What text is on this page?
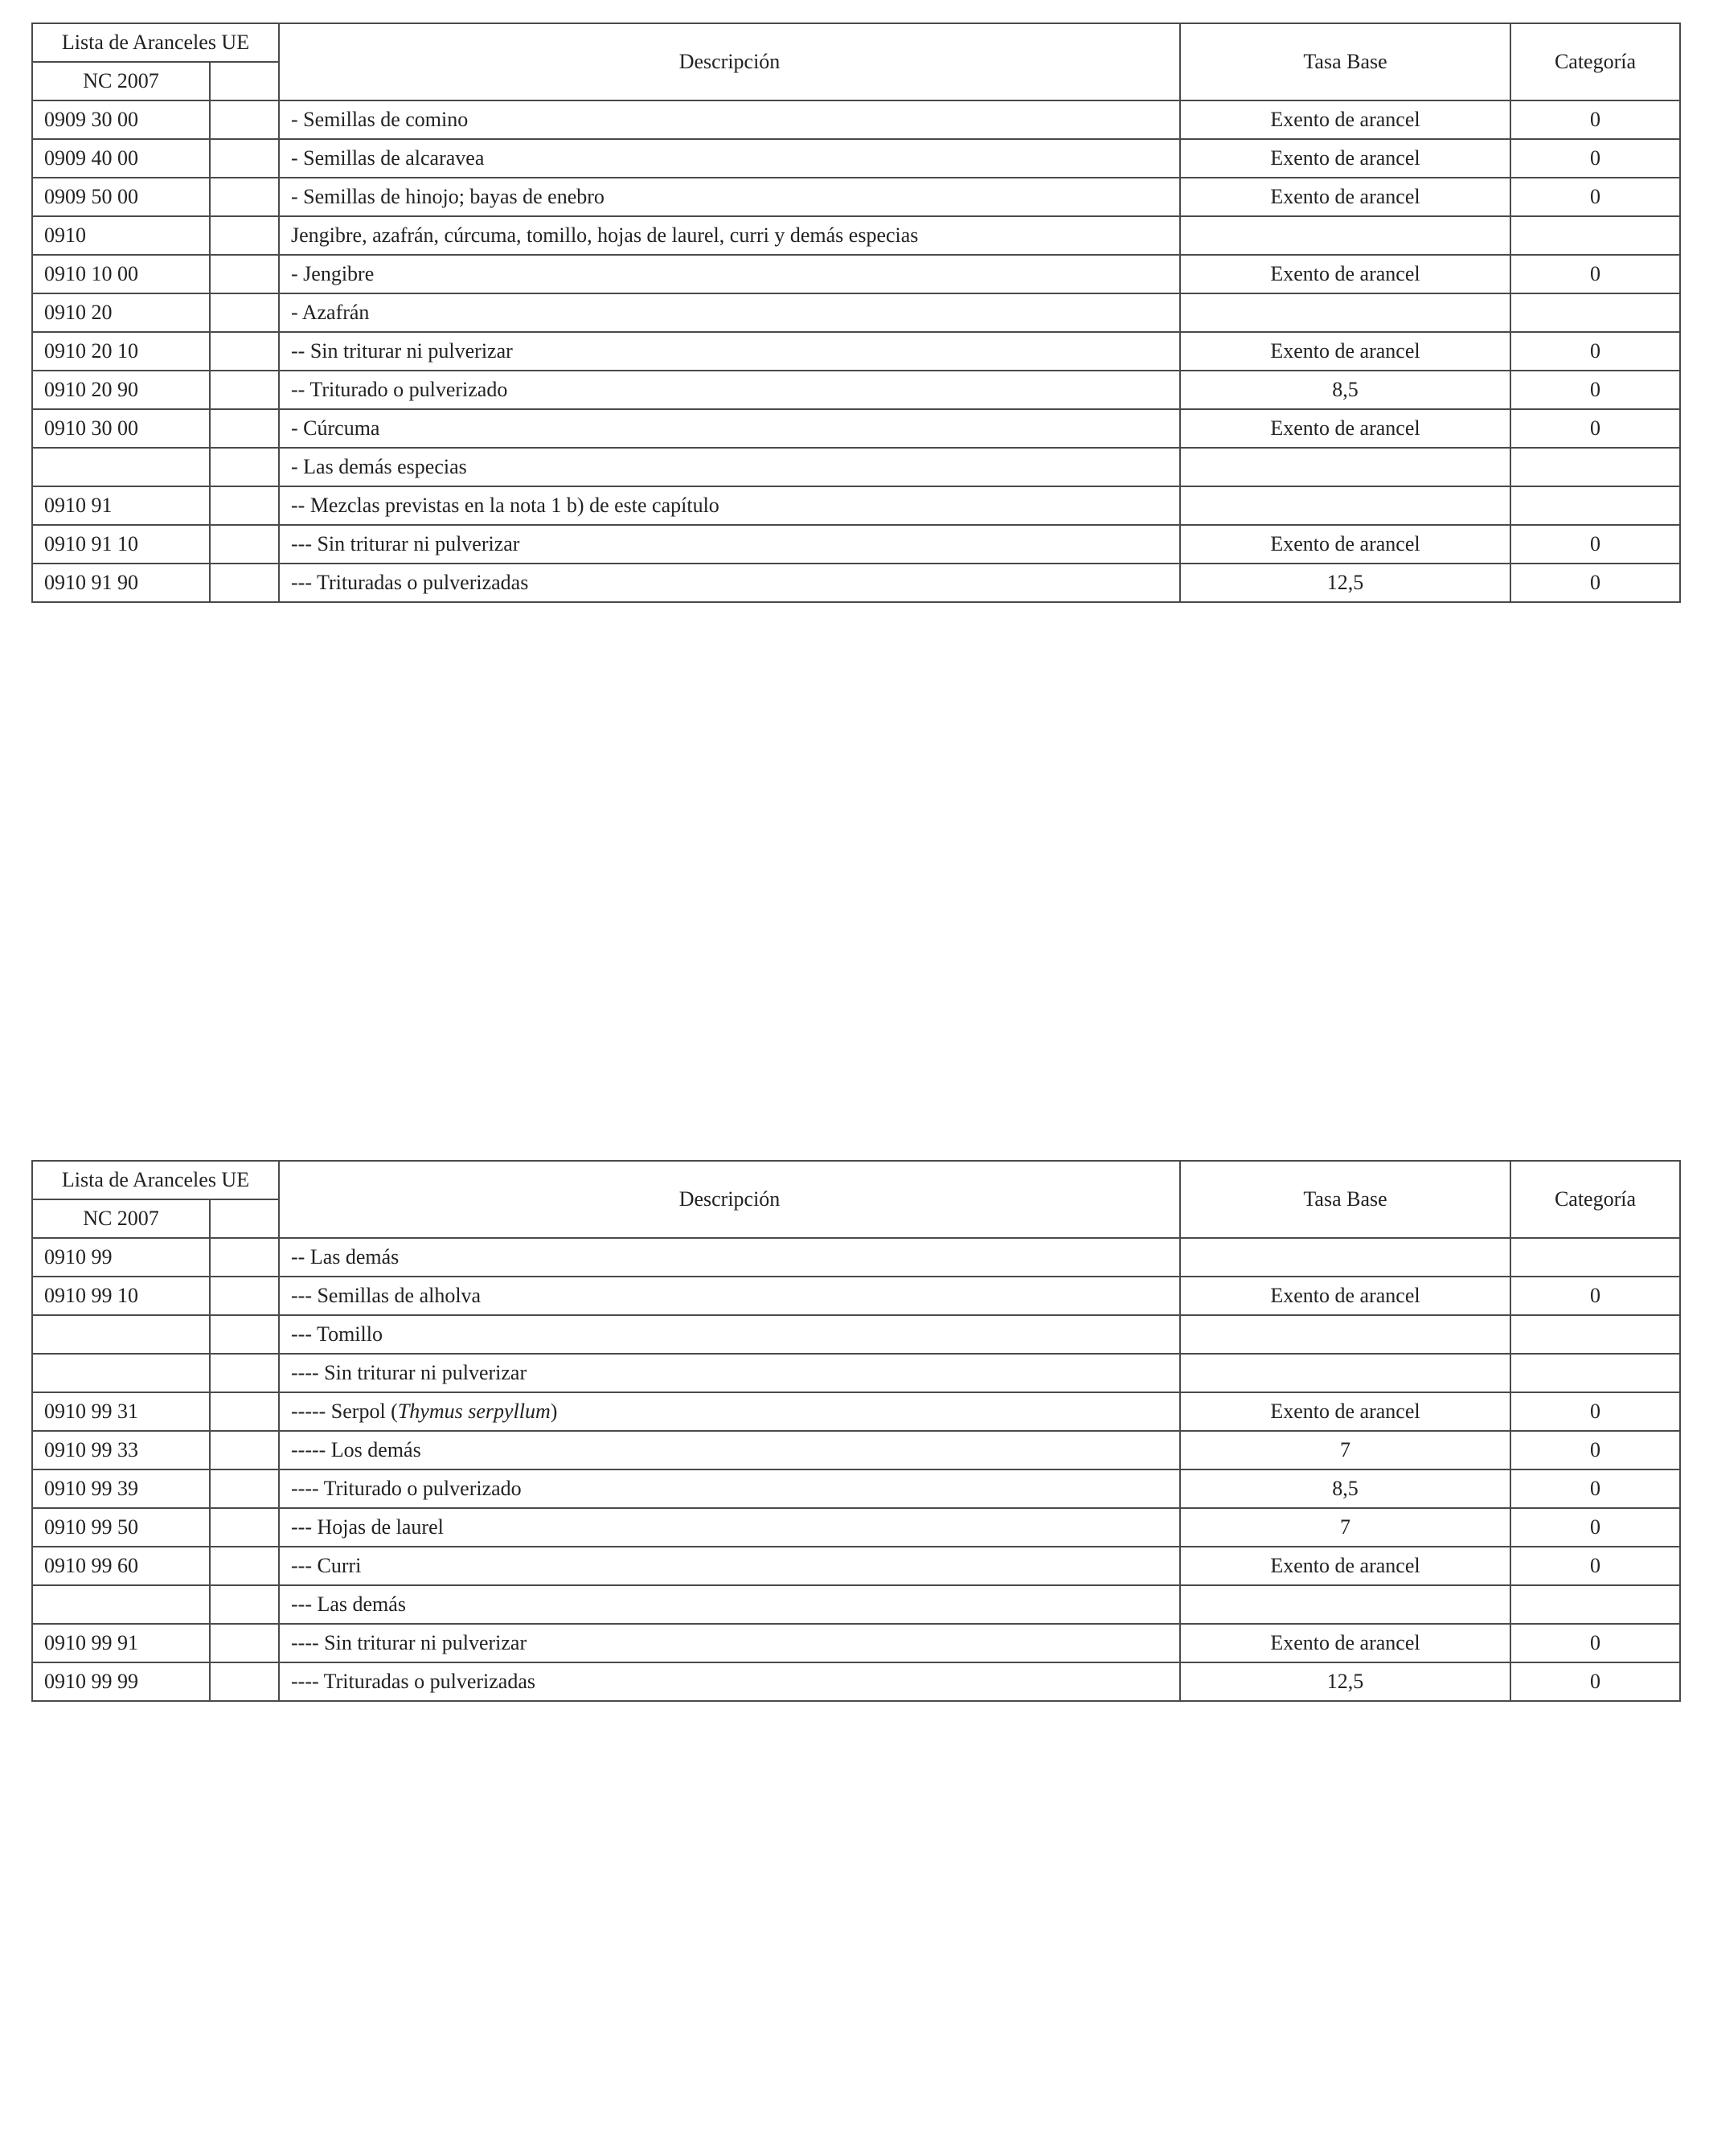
Lista de Aranceles UE		Descripción	Tasa Base	Categoría
NC 2007				
0909 30 00		- Semillas de comino	Exento de arancel	0
0909 40 00		- Semillas de alcaravea	Exento de arancel	0
0909 50 00		- Semillas de hinojo; bayas de enebro	Exento de arancel	0
0910		Jengibre, azafrán, cúrcuma, tomillo, hojas de laurel, curri y demás especias		
0910 10 00		- Jengibre	Exento de arancel	0
0910 20		- Azafrán		
0910 20 10		-- Sin triturar ni pulverizar	Exento de arancel	0
0910 20 90		-- Triturado o pulverizado	8,5	0
0910 30 00		- Cúrcuma	Exento de arancel	0
		- Las demás especias		
0910 91		-- Mezclas previstas en la nota 1 b) de este capítulo		
0910 91 10		--- Sin triturar ni pulverizar	Exento de arancel	0
0910 91 90		--- Trituradas o pulverizadas	12,5	0
Lista de Aranceles UE		Descripción	Tasa Base	Categoría
NC 2007				
0910 99		-- Las demás		
0910 99 10		--- Semillas de alholva	Exento de arancel	0
		--- Tomillo		
		---- Sin triturar ni pulverizar		
0910 99 31		----- Serpol (Thymus serpyllum)	Exento de arancel	0
0910 99 33		----- Los demás	7	0
0910 99 39		---- Triturado o pulverizado	8,5	0
0910 99 50		--- Hojas de laurel	7	0
0910 99 60		--- Curri	Exento de arancel	0
		--- Las demás		
0910 99 91		---- Sin triturar ni pulverizar	Exento de arancel	0
0910 99 99		---- Trituradas o pulverizadas	12,5	0
